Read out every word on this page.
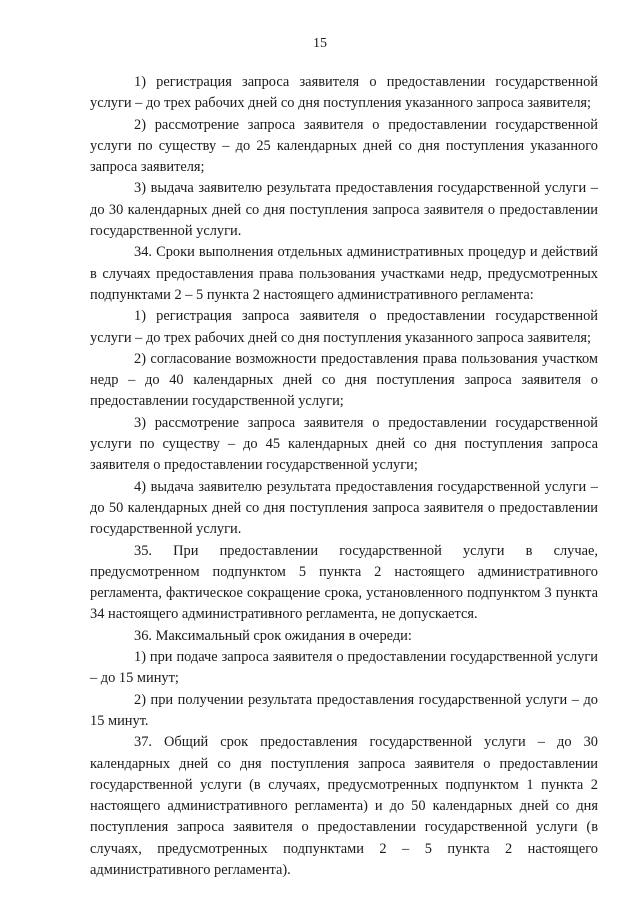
15

1) регистрация запроса заявителя о предоставлении государственной услуги – до трех рабочих дней со дня поступления указанного запроса заявителя;

2) рассмотрение запроса заявителя о предоставлении государственной услуги по существу – до 25 календарных дней со дня поступления указанного запроса заявителя;

3) выдача заявителю результата предоставления государственной услуги – до 30 календарных дней со дня поступления запроса заявителя о предоставлении государственной услуги.

34. Сроки выполнения отдельных административных процедур и действий в случаях предоставления права пользования участками недр, предусмотренных подпунктами 2 – 5 пункта 2 настоящего административного регламента:

1) регистрация запроса заявителя о предоставлении государственной услуги – до трех рабочих дней со дня поступления указанного запроса заявителя;

2) согласование возможности предоставления права пользования участком недр – до 40 календарных дней со дня поступления запроса заявителя о предоставлении государственной услуги;

3) рассмотрение запроса заявителя о предоставлении государственной услуги по существу – до 45 календарных дней со дня поступления запроса заявителя о предоставлении государственной услуги;

4) выдача заявителю результата предоставления государственной услуги – до 50 календарных дней со дня поступления запроса заявителя о предоставлении государственной услуги.

35. При предоставлении государственной услуги в случае, предусмотренном подпунктом 5 пункта 2 настоящего административного регламента, фактическое сокращение срока, установленного подпунктом 3 пункта 34 настоящего административного регламента, не допускается.

36. Максимальный срок ожидания в очереди:

1) при подаче запроса заявителя о предоставлении государственной услуги – до 15 минут;

2) при получении результата предоставления государственной услуги – до 15 минут.

37. Общий срок предоставления государственной услуги – до 30 календарных дней со дня поступления запроса заявителя о предоставлении государственной услуги (в случаях, предусмотренных подпунктом 1 пункта 2 настоящего административного регламента) и до 50 календарных дней со дня поступления запроса заявителя о предоставлении государственной услуги (в случаях, предусмотренных подпунктами 2 – 5 пункта 2 настоящего административного регламента).
